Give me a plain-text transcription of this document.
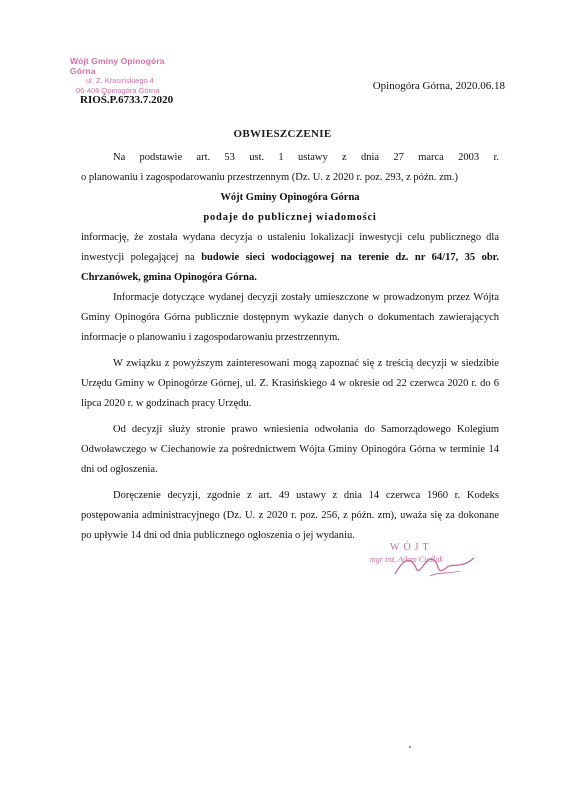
Wójt Gminy Opinogóra Górna
ul. Z. Krasińskiego 4
06-406 Opinogóra Górna
RIOŚ.P.6733.7.2020
Opinogóra Górna, 2020.06.18
OBWIESZCZENIE

Na podstawie art. 53 ust. 1 ustawy z dnia 27 marca 2003 r.

o planowaniu i zagospodarowaniu przestrzennym (Dz. U. z 2020 r. poz. 293, z późn. zm.)

Wójt Gminy Opinogóra Górna

podaje do publicznej wiadomości

informację, że została wydana decyzja o ustaleniu lokalizacji inwestycji celu publicznego dla inwestycji polegającej na budowie sieci wodociągowej na terenie dz. nr 64/17, 35 obr. Chrzanówek, gmina Opinogóra Górna.

Informacje dotyczące wydanej decyzji zostały umieszczone w prowadzonym przez Wójta Gminy Opinogóra Górna publicznie dostępnym wykazie danych o dokumentach zawierających informacje o planowaniu i zagospodarowaniu przestrzennym.

W związku z powyższym zainteresowani mogą zapoznać się z treścią decyzji w siedzibie Urzędu Gminy w Opinogórze Górnej, ul. Z. Krasińskiego 4 w okresie od 22 czerwca 2020 r. do 6 lipca 2020 r. w godzinach pracy Urzędu.

Od decyzji służy stronie prawo wniesienia odwołania do Samorządowego Kolegium Odwoławczego w Ciechanowie za pośrednictwem Wójta Gminy Opinogóra Górna w terminie 14 dni od ogłoszenia.

Doręczenie decyzji, zgodnie z art. 49 ustawy z dnia 14 czerwca 1960 r. Kodeks postępowania administracyjnego (Dz. U. z 2020 r. poz. 256, z późn. zm), uważa się za dokonane po upływie 14 dni od dnia publicznego ogłoszenia o jej wydaniu.

WÓJT
mgr inż. Adam Cieślak
